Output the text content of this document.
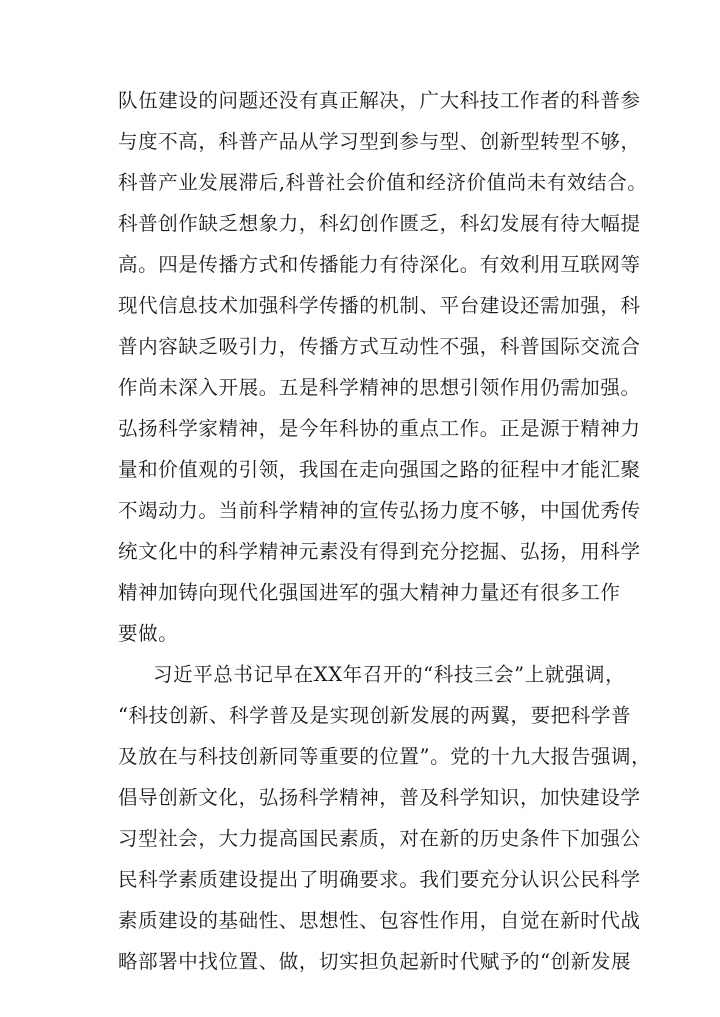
队伍建设的问题还没有真正解决，广大科技工作者的科普参
与度不高，科普产品从学习型到参与型、创新型转型不够，
科普产业发展滞后,科普社会价值和经济价值尚未有效结合。
科普创作缺乏想象力，科幻创作匮乏，科幻发展有待大幅提
高。四是传播方式和传播能力有待深化。有效利用互联网等
现代信息技术加强科学传播的机制、平台建设还需加强，科
普内容缺乏吸引力，传播方式互动性不强，科普国际交流合
作尚未深入开展。五是科学精神的思想引领作用仍需加强。
弘扬科学家精神，是今年科协的重点工作。正是源于精神力
量和价值观的引领，我国在走向强国之路的征程中才能汇聚
不竭动力。当前科学精神的宣传弘扬力度不够，中国优秀传
统文化中的科学精神元素没有得到充分挖掘、弘扬，用科学
精神加铸向现代化强国进军的强大精神力量还有很多工作
要做。
习近平总书记早在XX年召开的“科技三会”上就强调，
“科技创新、科学普及是实现创新发展的两翼，要把科学普
及放在与科技创新同等重要的位置”。党的十九大报告强调，
倡导创新文化，弘扬科学精神，普及科学知识，加快建设学
习型社会，大力提高国民素质，对在新的历史条件下加强公
民科学素质建设提出了明确要求。我们要充分认识公民科学
素质建设的基础性、思想性、包容性作用，自觉在新时代战
略部署中找位置、做，切实担负起新时代赋予的“创新发展
